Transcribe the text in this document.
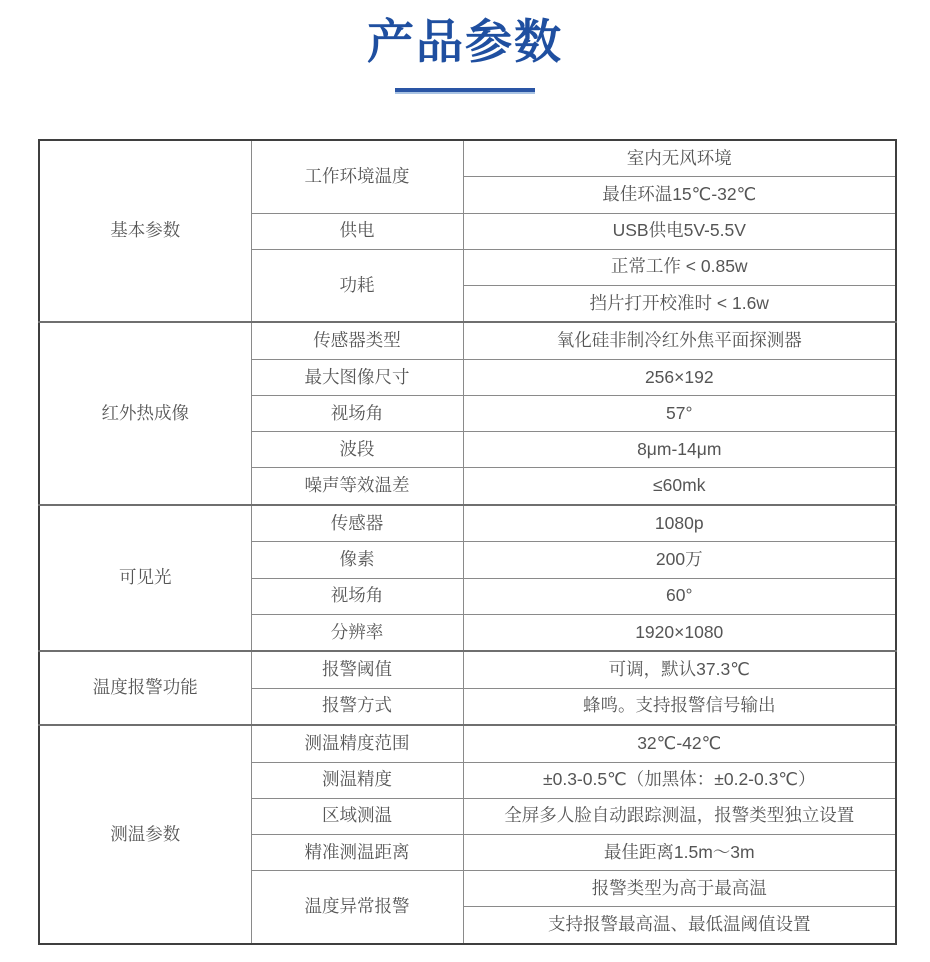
产品参数
基本参数	工作环境温度	室内无风环境
		最佳环温15℃-32℃
	供电	USB供电5V-5.5V
	功耗	正常工作 < 0.85w
		挡片打开校准时 < 1.6w
红外热成像	传感器类型	氧化硅非制冷红外焦平面探测器
	最大图像尺寸	256×192
	视场角	57°
	波段	8μm-14μm
	噪声等效温差	≤60mk
可见光	传感器	1080p
	像素	200万
	视场角	60°
	分辨率	1920×1080
温度报警功能	报警阈值	可调，默认37.3℃
	报警方式	蜂鸣。支持报警信号输出
测温参数	测温精度范围	32℃-42℃
	测温精度	±0.3-0.5℃（加黑体：±0.2-0.3℃）
	区域测温	全屏多人脸自动跟踪测温，报警类型独立设置
	精准测温距离	最佳距离1.5m～3m
	温度异常报警	报警类型为高于最高温
		支持报警最高温、最低温阈值设置
